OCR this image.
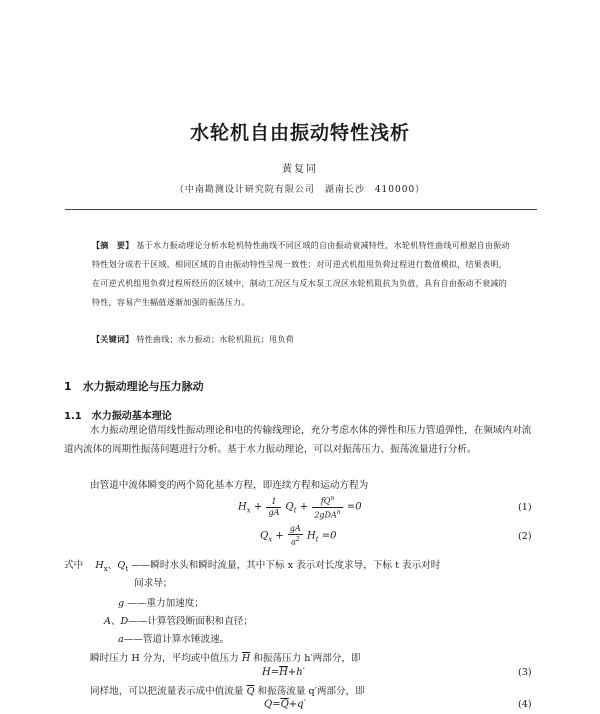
水轮机自由振动特性浅析
黄复同
（中南勘测设计研究院有限公司　湖南长沙　410000）
【摘　要】 基于水力振动理论分析水轮机特性曲线不同区域的自由振动衰减特性，水轮机特性曲线可根据自由振动特性划分成若干区域，相同区域的自由振动特性呈现一致性；对可逆式机组甩负荷过程进行数值模拟，结果表明，在可逆式机组甩负荷过程所经历的区域中，制动工况区与反水泵工况区水轮机阻抗为负值，具有自由振动不衰减的特性，容易产生幅值逐渐加强的振荡压力。
【关键词】 特性曲线；水力振动；水轮机阻抗；甩负荷
1　水力振动理论与压力脉动
1.1　水力振动基本理论
水力振动理论借用线性振动理论和电的传输线理论，充分考虑水体的弹性和压力管道弹性，在频域内对流道内流体的周期性振荡问题进行分析。基于水力振动理论，可以对振荡压力、振荡流量进行分析。
由管道中流体瞬变的两个简化基本方程，即连续方程和运动方程为
$H_x + \frac{1}{gA} Q_t + \frac{fQ^n}{2gDA^n} =0$	(1)
$Q_x + \frac{gA}{a^2} H_t =0$	(2)
式中 $H_x$、$Q_t$ ——瞬时水头和瞬时流量，其中下标 x 表示对长度求导，下标 t 表示对时
间求导；
g ——重力加速度；
A、D——计算管段断面积和直径；
a——管道计算水锤波速。
瞬时压力 H 分为，平均或中值压力 $\overline{H}$ 和振荡压力 h′两部分，即
$H=\overline{H}+h'$	(3)
同样地，可以把流量表示成中值流量 $\overline{Q}$ 和振荡流量 q′两部分，即
$Q=\overline{Q}+q'$	(4)
